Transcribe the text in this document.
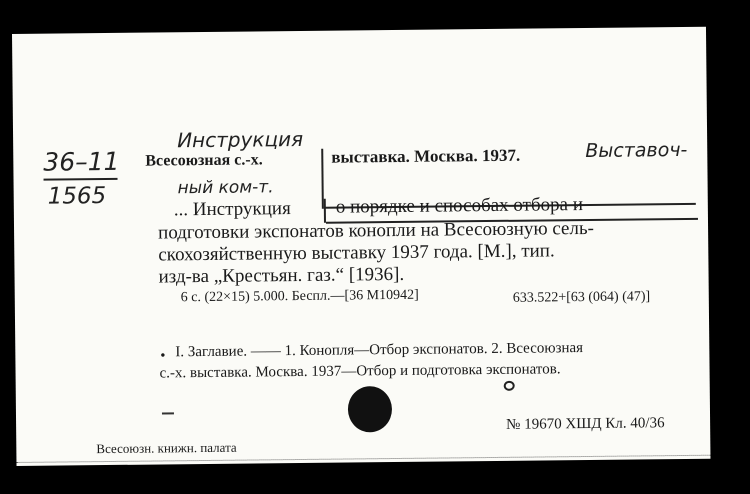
36–11
1565
Инструкция
Всесоюзная с.-х.	выставка. Москва. 1937.	Выставоч-
ный ком-т.
... Инструкция о порядке и способах отбора и
подготовки экспонатов конопли на Всесоюзную сель-
скохозяйственную выставку 1937 года. [М.], тип.
изд-ва „Крестьян. газ.“ [1936].
6 с. (22×15) 5.000. Беспл.—[36 М10942]	633.522+[63 (064) (47)]
• I. Заглавие. —— 1. Конопля—Отбор экспонатов. 2. Всесоюзная
с.-х. выставка. Москва. 1937—Отбор и подготовка экспонатов.
Всесоюзн. книжн. палата
№ 19670 ХШД Кл. 40/36
